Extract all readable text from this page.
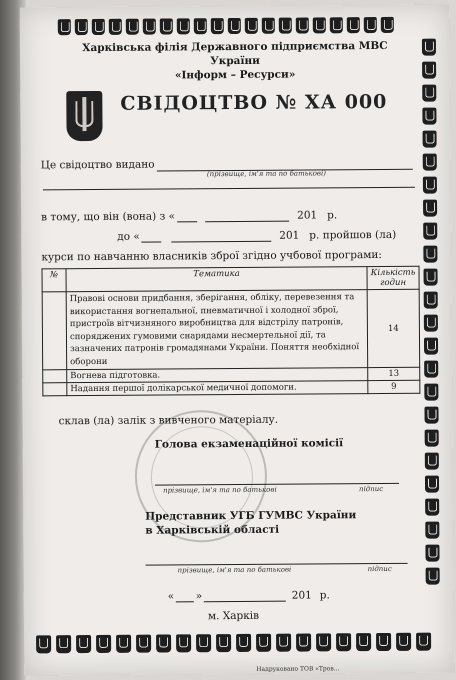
Харківська філія Державного підприємства МВС України
«Інформ – Ресурси»
СВІДОЦТВО № ХА 000
Це свідоцтво видано
(прізвище, ім'я та по батькові)
в тому, що він (вона) з «	201 р.
до «	201 р. пройшов (ла)
курси по навчанню власників зброї згідно учбової програми:
№	Тематика	Кількість годин
	Правові основи придбання, зберігання, обліку, перевезення та використання вогнепальної, пневматичної і холодної зброї, пристроїв вітчизняного виробництва для відстрілу патронів, споряджених гумовими снарядами несмертельної дії, та зазначених патронів громадянами України. Поняття необхідної оборони	14
	Вогнева підготовка.	13
	Надання першої долікарської медичної допомоги.	9
склав (ла) залік з вивченого матеріалу.
Голова екзаменаційної комісії
прізвище, ім'я та по батькові	підпис
Представник УГБ ГУМВС України
в Харківській області
прізвище, ім'я та по батькові	підпис
« »	201 р.
м. Харків
Надруковано ТОВ «Тров...
